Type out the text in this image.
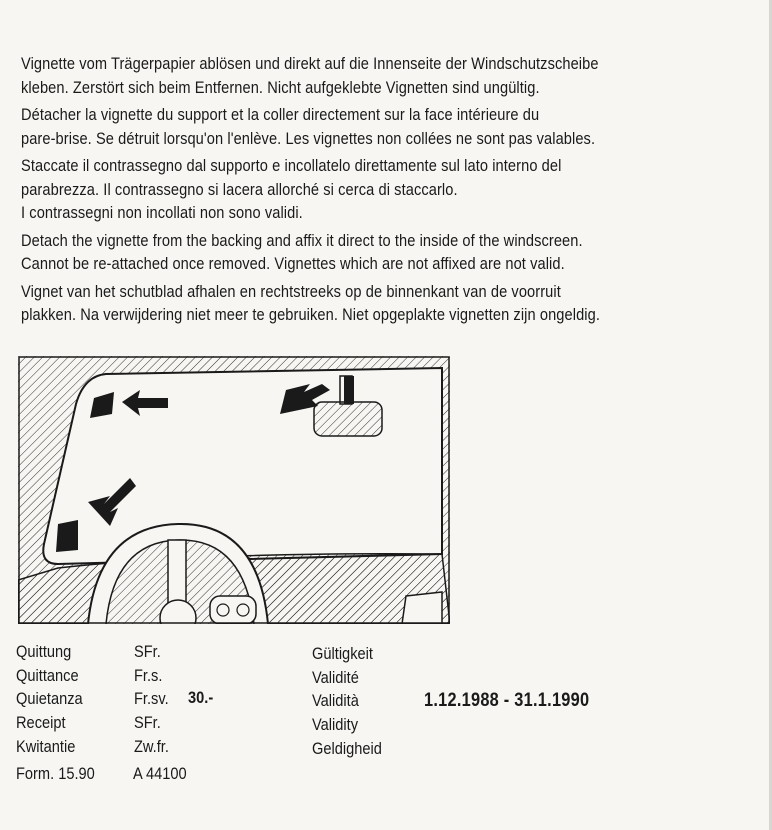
Vignette vom Trägerpapier ablösen und direkt auf die Innenseite der Windschutzscheibe
kleben. Zerstört sich beim Entfernen. Nicht aufgeklebte Vignetten sind ungültig.
Détacher la vignette du support et la coller directement sur la face intérieure du
pare-brise. Se détruit lorsqu'on l'enlève. Les vignettes non collées ne sont pas valables.
Staccate il contrassegno dal supporto e incollatelo direttamente sul lato interno del
parabrezza. Il contrassegno si lacera allorché si cerca di staccarlo.
I contrassegni non incollati non sono validi.
Detach the vignette from the backing and affix it direct to the inside of the windscreen.
Cannot be re-attached once removed. Vignettes which are not affixed are not valid.
Vignet van het schutblad afhalen en rechtstreeks op de binnenkant van de voorruit
plakken. Na verwijdering niet meer te gebruiken. Niet opgeplakte vignetten zijn ongeldig.
Quittung
Quittance
Quietanza
Receipt
Kwitantie
SFr.
Fr.s.
Fr.sv.
SFr.
Zw.fr.
30.-
Gültigkeit
Validité
Validità
Validity
Geldigheid
1.12.1988 - 31.1.1990
Form. 15.90 A 44100
